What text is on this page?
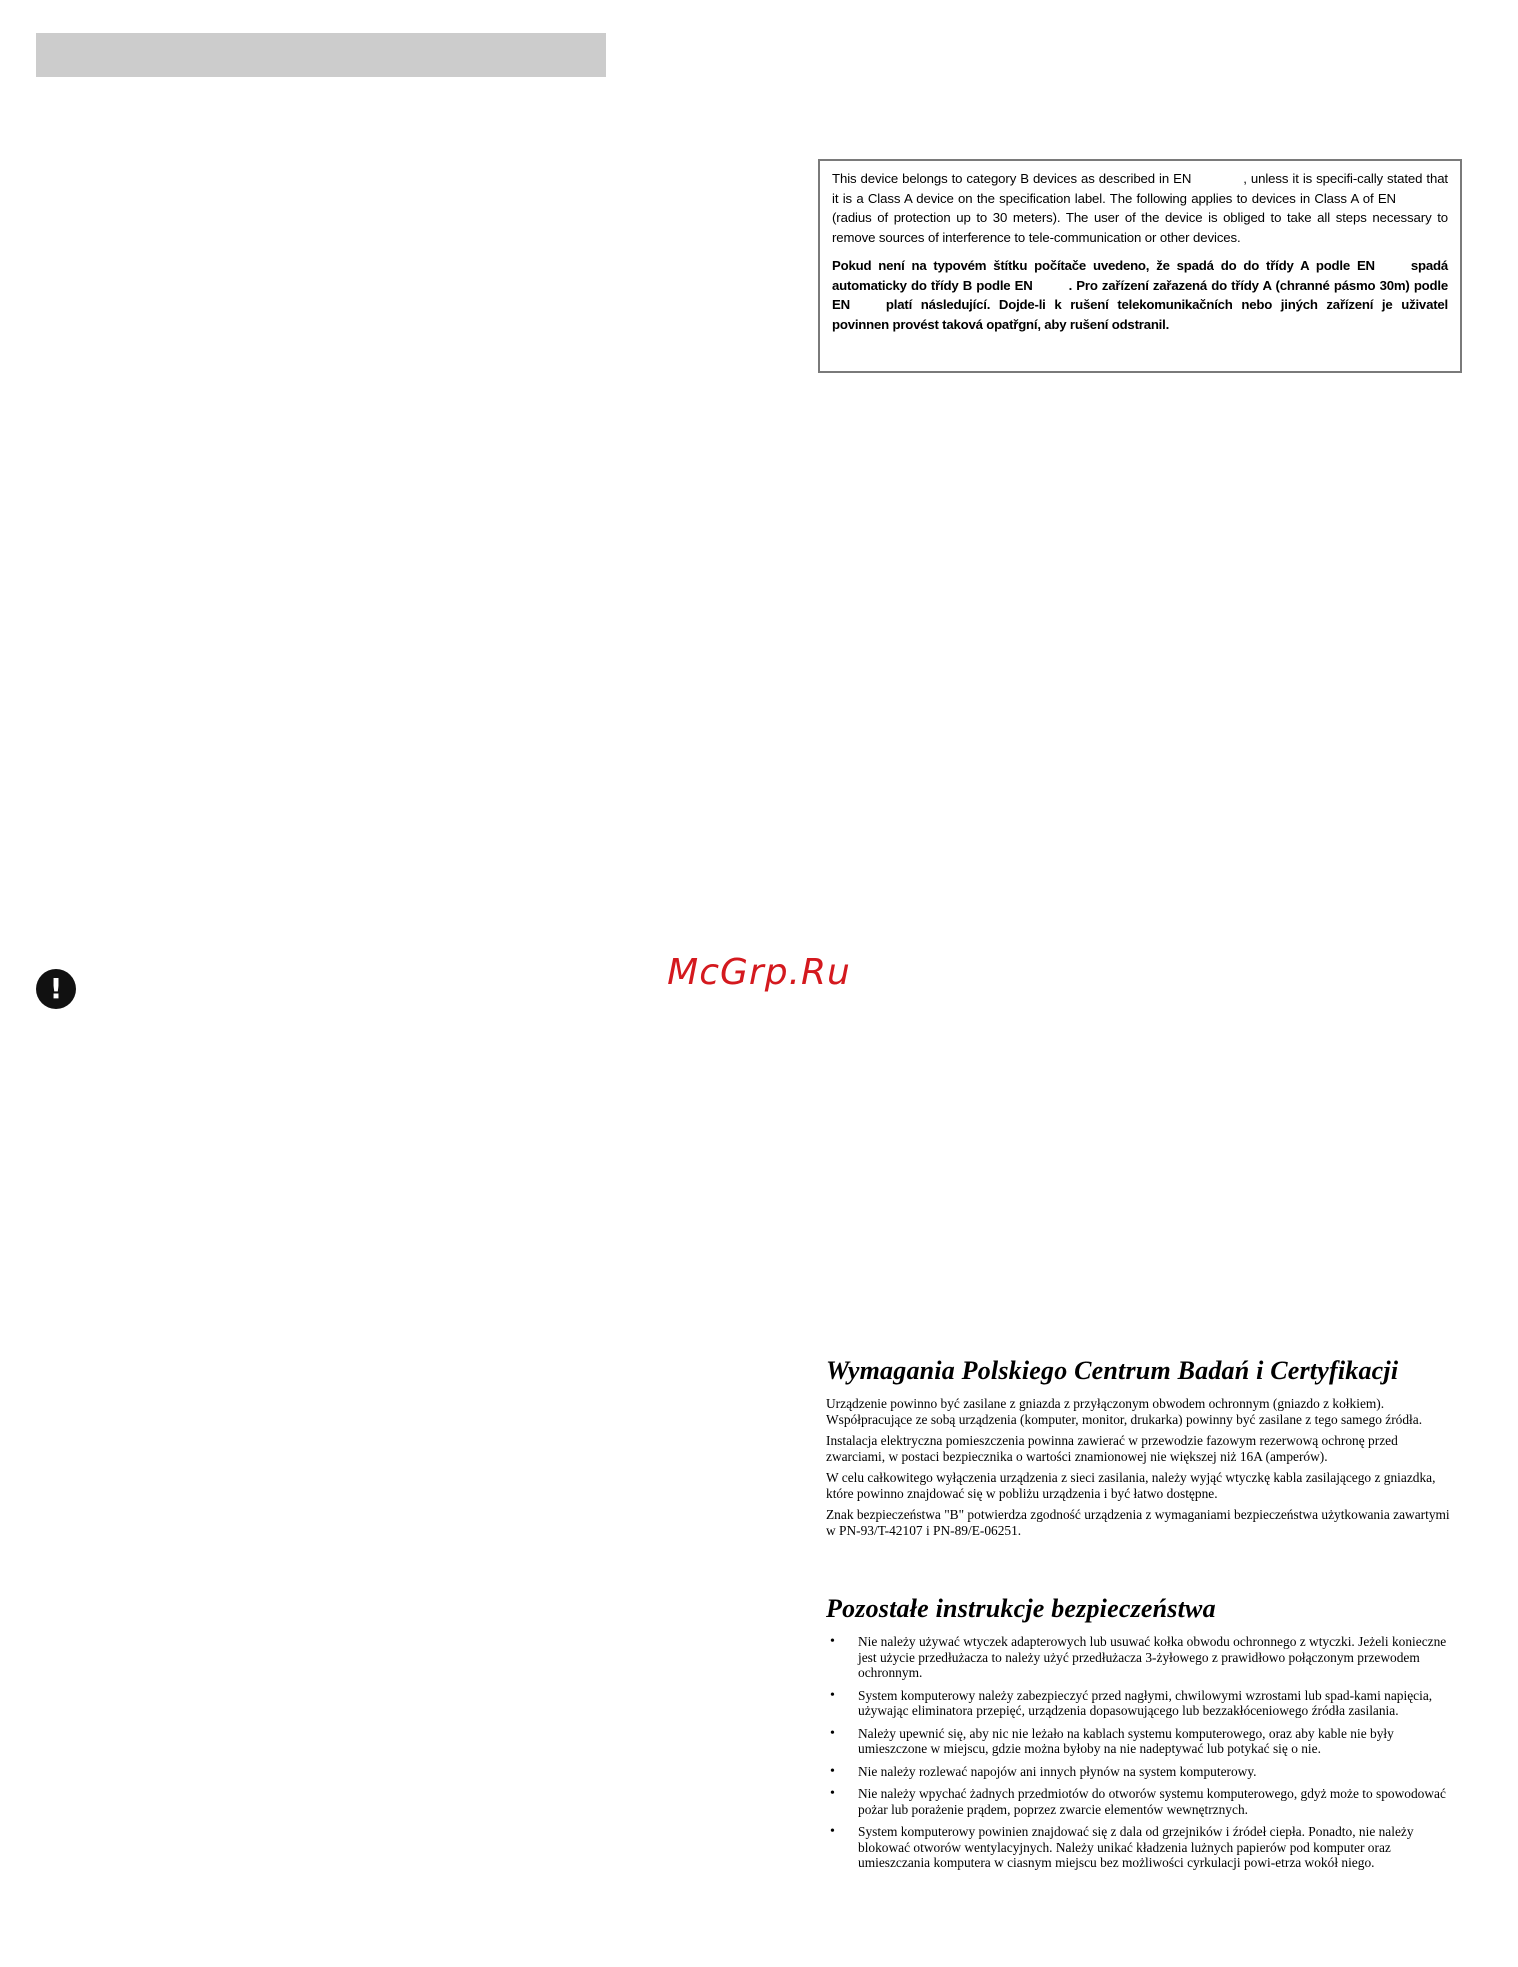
This device belongs to category B devices as described in EN	, unless it is specifi-cally stated that it is a Class A device on the specification label. The following applies to devices in Class A of EN(radius of protection up to 30 meters). The user of the device is obliged to take all steps necessary to remove sources of interference to tele-communication or other devices.

Pokud není na typovém štítku počítače uvedeno, že spadá do do třídy A podle EN	spadá automaticky do třídy B podle EN	. Pro zařízení zařazená do třídy A (chranné pásmo 30m) podle EN	platí následující. Dojde-li k rušení telekomunikačních nebo jiných zařízení je uživatel povinnen provést taková opatřgní, aby rušení odstranil.

!	McGrp.Ru
Wymagania Polskiego Centrum Badań i Certyfikacji

Urządzenie powinno być zasilane z gniazda z przyłączonym obwodem ochronnym (gniazdo z kołkiem). Współpracujące ze sobą urządzenia (komputer, monitor, drukarka) powinny być zasilane z tego samego źródła.

Instalacja elektryczna pomieszczenia powinna zawierać w przewodzie fazowym rezerwową ochronę przed zwarciami, w postaci bezpiecznika o wartości znamionowej nie większej niż 16A (amperów).

W celu całkowitego wyłączenia urządzenia z sieci zasilania, należy wyjąć wtyczkę kabla zasilającego z gniazdka, które powinno znajdować się w pobliżu urządzenia i być łatwo dostępne.

Znak bezpieczeństwa "B" potwierdza zgodność urządzenia z wymaganiami bezpieczeństwa użytkowania zawartymi w PN-93/T-42107 i PN-89/E-06251.

Pozostałe instrukcje bezpieczeństwa
• Nie należy używać wtyczek adapterowych lub usuwać kołka obwodu ochronnego z wtyczki. Jeżeli konieczne jest użycie przedłużacza to należy użyć przedłużacza 3-żyłowego z prawidłowo połączonym przewodem ochronnym.
• System komputerowy należy zabezpieczyć przed nagłymi, chwilowymi wzrostami lub spad-kami napięcia, używając eliminatora przepięć, urządzenia dopasowującego lub bezzakłóceniowego źródła zasilania.
• Należy upewnić się, aby nic nie leżało na kablach systemu komputerowego, oraz aby kable nie były umieszczone w miejscu, gdzie można byłoby na nie nadeptywać lub potykać się o nie.
• Nie należy rozlewać napojów ani innych płynów na system komputerowy.
• Nie należy wpychać żadnych przedmiotów do otworów systemu komputerowego, gdyż może to spowodować pożar lub porażenie prądem, poprzez zwarcie elementów wewnętrznych.
• System komputerowy powinien znajdować się z dala od grzejników i źródeł ciepła. Ponadto, nie należy blokować otworów wentylacyjnych. Należy unikać kładzenia lużnych papierów pod komputer oraz umieszczania komputera w ciasnym miejscu bez możliwości cyrkulacji powi-etrza wokół niego.
